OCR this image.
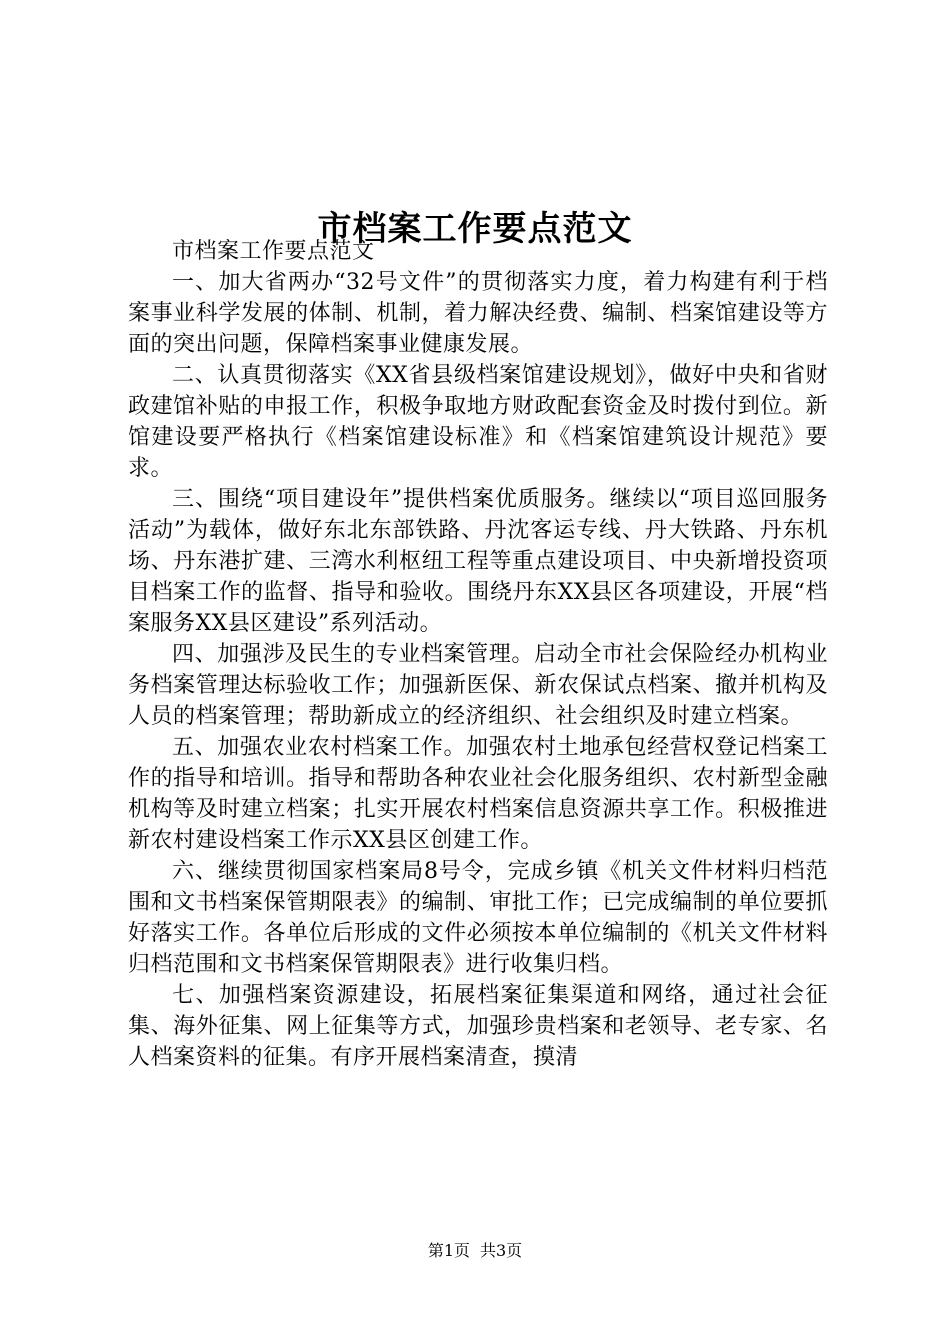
市档案工作要点范文

市档案工作要点范文

一、加大省两办“32号文件”的贯彻落实力度，着力构建有利于档案事业科学发展的体制、机制，着力解决经费、编制、档案馆建设等方面的突出问题，保障档案事业健康发展。

二、认真贯彻落实《XX省县级档案馆建设规划》，做好中央和省财政建馆补贴的申报工作，积极争取地方财政配套资金及时拨付到位。新馆建设要严格执行《档案馆建设标准》和《档案馆建筑设计规范》要求。

三、围绕“项目建设年”提供档案优质服务。继续以“项目巡回服务活动”为载体，做好东北东部铁路、丹沈客运专线、丹大铁路、丹东机场、丹东港扩建、三湾水利枢纽工程等重点建设项目、中央新增投资项目档案工作的监督、指导和验收。围绕丹东XX县区各项建设，开展“档案服务XX县区建设”系列活动。

四、加强涉及民生的专业档案管理。启动全市社会保险经办机构业务档案管理达标验收工作；加强新医保、新农保试点档案、撤并机构及人员的档案管理；帮助新成立的经济组织、社会组织及时建立档案。

五、加强农业农村档案工作。加强农村土地承包经营权登记档案工作的指导和培训。指导和帮助各种农业社会化服务组织、农村新型金融机构等及时建立档案；扎实开展农村档案信息资源共享工作。积极推进新农村建设档案工作示XX县区创建工作。

六、继续贯彻国家档案局8号令，完成乡镇《机关文件材料归档范围和文书档案保管期限表》的编制、审批工作；已完成编制的单位要抓好落实工作。各单位后形成的文件必须按本单位编制的《机关文件材料归档范围和文书档案保管期限表》进行收集归档。

七、加强档案资源建设，拓展档案征集渠道和网络，通过社会征集、海外征集、网上征集等方式，加强珍贵档案和老领导、老专家、名人档案资料的征集。有序开展档案清查，摸清

第1页 共3页
